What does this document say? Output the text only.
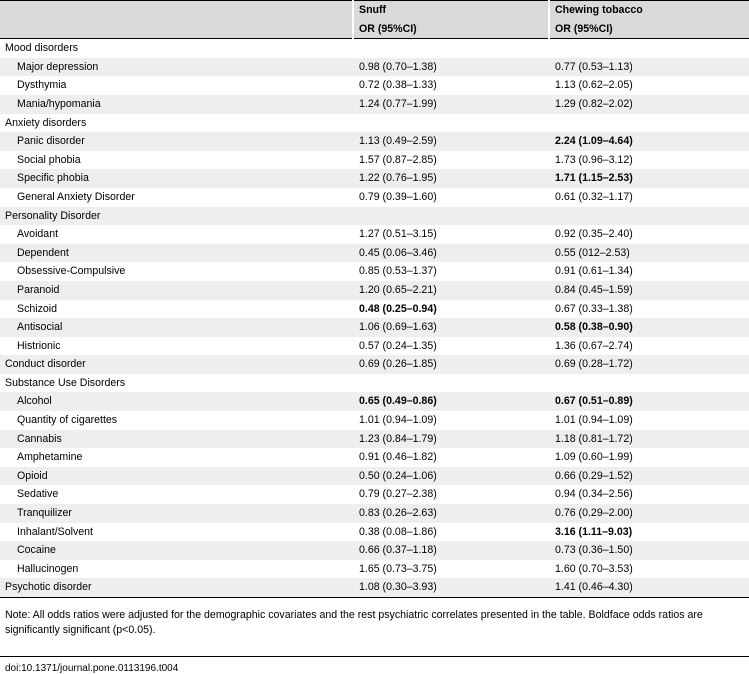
	Snuff	Chewing tobacco
	OR (95%CI)	OR (95%CI)
Mood disorders		
Major depression	0.98 (0.70–1.38)	0.77 (0.53–1.13)
Dysthymia	0.72 (0.38–1.33)	1.13 (0.62–2.05)
Mania/hypomania	1.24 (0.77–1.99)	1.29 (0.82–2.02)
Anxiety disorders		
Panic disorder	1.13 (0.49–2.59)	2.24 (1.09–4.64)
Social phobia	1.57 (0.87–2.85)	1.73 (0.96–3.12)
Specific phobia	1.22 (0.76–1.95)	1.71 (1.15–2.53)
General Anxiety Disorder	0.79 (0.39–1.60)	0.61 (0.32–1.17)
Personality Disorder		
Avoidant	1.27 (0.51–3.15)	0.92 (0.35–2.40)
Dependent	0.45 (0.06–3.46)	0.55 (012–2.53)
Obsessive-Compulsive	0.85 (0.53–1.37)	0.91 (0.61–1.34)
Paranoid	1.20 (0.65–2.21)	0.84 (0.45–1.59)
Schizoid	0.48 (0.25–0.94)	0.67 (0.33–1.38)
Antisocial	1.06 (0.69–1.63)	0.58 (0.38–0.90)
Histrionic	0.57 (0.24–1.35)	1.36 (0.67–2.74)
Conduct disorder	0.69 (0.26–1.85)	0.69 (0.28–1.72)
Substance Use Disorders		
Alcohol	0.65 (0.49–0.86)	0.67 (0.51–0.89)
Quantity of cigarettes	1.01 (0.94–1.09)	1.01 (0.94–1.09)
Cannabis	1.23 (0.84–1.79)	1.18 (0.81–1.72)
Amphetamine	0.91 (0.46–1.82)	1.09 (0.60–1.99)
Opioid	0.50 (0.24–1.06)	0.66 (0.29–1.52)
Sedative	0.79 (0.27–2.38)	0.94 (0.34–2.56)
Tranquilizer	0.83 (0.26–2.63)	0.76 (0.29–2.00)
Inhalant/Solvent	0.38 (0.08–1.86)	3.16 (1.11–9.03)
Cocaine	0.66 (0.37–1.18)	0.73 (0.36–1.50)
Hallucinogen	1.65 (0.73–3.75)	1.60 (0.70–3.53)
Psychotic disorder	1.08 (0.30–3.93)	1.41 (0.46–4.30)
Note: All odds ratios were adjusted for the demographic covariates and the rest psychiatric correlates presented in the table. Boldface odds ratios are significantly significant (p<0.05).
doi:10.1371/journal.pone.0113196.t004
